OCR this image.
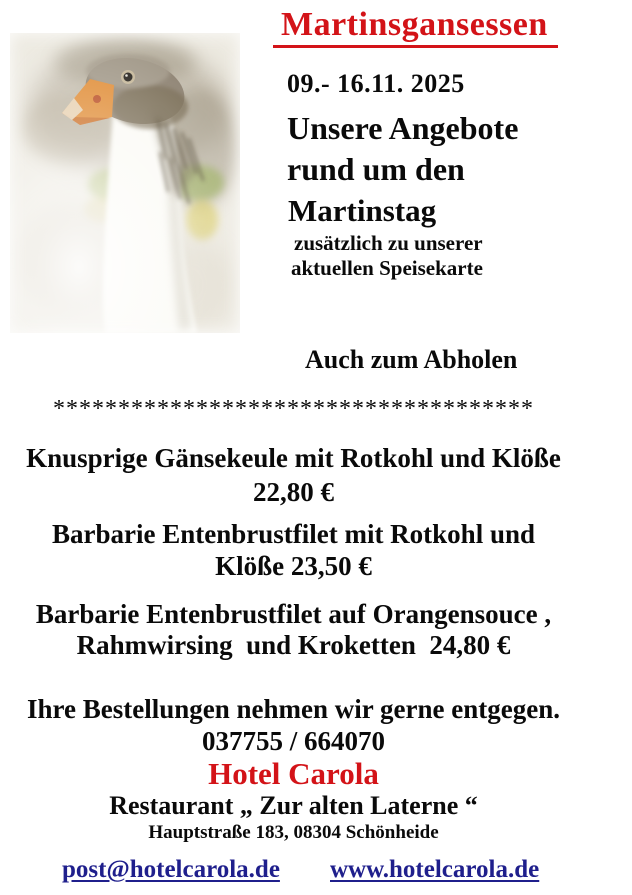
Martinsgansessen
09.- 16.11. 2025
Unsere Angebote
rund um den
Martinstag
zusätzlich zu unserer
aktuellen Speisekarte
Auch zum Abholen
*************************************
Knusprige Gänsekeule mit Rotkohl und Klöße
22,80 €
Barbarie Entenbrustfilet mit Rotkohl und
Klöße 23,50 €
Barbarie Entenbrustfilet auf Orangensouce ,
Rahmwirsing  und Kroketten  24,80 €
Ihre Bestellungen nehmen wir gerne entgegen.
037755 / 664070
Hotel Carola
Restaurant „ Zur alten Laterne “
Hauptstraße 183, 08304 Schönheide
post@hotelcarola.de www.hotelcarola.de
